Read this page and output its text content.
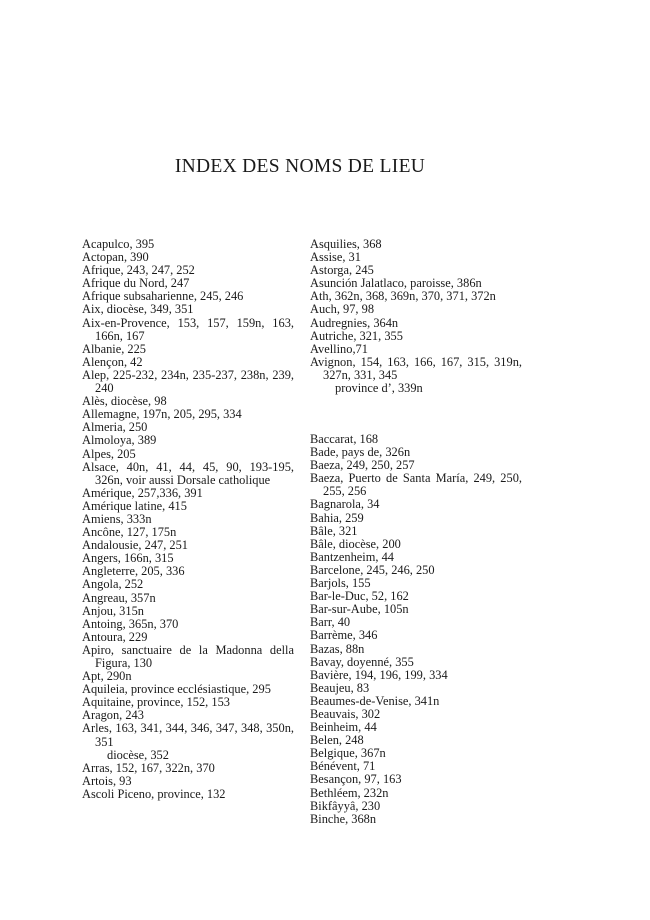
INDEX DES NOMS DE LIEU

Acapulco, 395

Actopan, 390

Afrique, 243, 247, 252

Afrique du Nord, 247

Afrique subsaharienne, 245, 246

Aix, diocèse, 349, 351

Aix-en-Provence, 153, 157, 159n, 163, 166n, 167

Albanie, 225

Alençon, 42

Alep, 225-232, 234n, 235-237, 238n, 239, 240

Alès, diocèse, 98

Allemagne, 197n, 205, 295, 334

Almeria, 250

Almoloya, 389

Alpes, 205

Alsace, 40n, 41, 44, 45, 90, 193-195, 326n, voir aussi Dorsale catholique

Amérique, 257,336, 391

Amérique latine, 415

Amiens, 333n

Ancône, 127, 175n

Andalousie, 247, 251

Angers, 166n, 315

Angleterre, 205, 336

Angola, 252

Angreau, 357n

Anjou, 315n

Antoing, 365n, 370

Antoura, 229

Apiro, sanctuaire de la Madonna della Figura, 130

Apt, 290n

Aquileia, province ecclésiastique, 295

Aquitaine, province, 152, 153

Aragon, 243

Arles, 163, 341, 344, 346, 347, 348, 350n, 351

diocèse, 352

Arras, 152, 167, 322n, 370

Artois, 93

Ascoli Piceno, province, 132

Asquilies, 368

Assise, 31

Astorga, 245

Asunción Jalatlaco, paroisse, 386n

Ath, 362n, 368, 369n, 370, 371, 372n

Auch, 97, 98

Audregnies, 364n

Autriche, 321, 355

Avellino,71

Avignon, 154, 163, 166, 167, 315, 319n, 327n, 331, 345

province d’, 339n

Baccarat, 168

Bade, pays de, 326n

Baeza, 249, 250, 257

Baeza, Puerto de Santa María, 249, 250, 255, 256

Bagnarola, 34

Bahia, 259

Bâle, 321

Bâle, diocèse, 200

Bantzenheim, 44

Barcelone, 245, 246, 250

Barjols, 155

Bar-le-Duc, 52, 162

Bar-sur-Aube, 105n

Barr, 40

Barrème, 346

Bazas, 88n

Bavay, doyenné, 355

Bavière, 194, 196, 199, 334

Beaujeu, 83

Beaumes-de-Venise, 341n

Beauvais, 302

Beinheim, 44

Belen, 248

Belgique, 367n

Bénévent, 71

Besançon, 97, 163

Bethléem, 232n

Bikfâyyâ, 230

Binche, 368n
